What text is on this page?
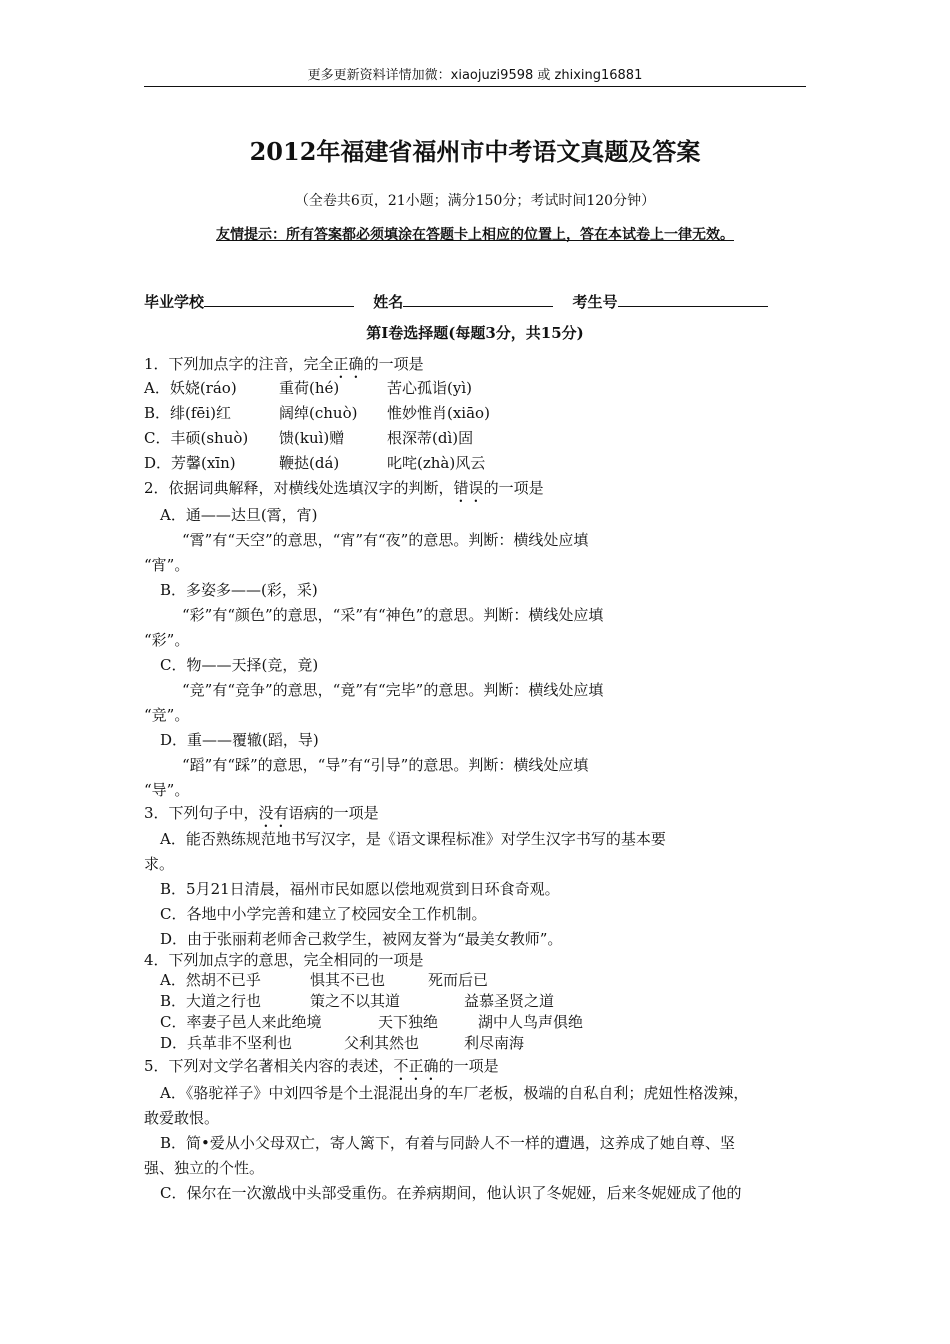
更多更新资料详情加微：xiaojuzi9598 或 zhixing16881
2012年福建省福州市中考语文真题及答案
（全卷共6页，21小题；满分150分；考试时间120分钟）
友情提示：所有答案都必须填涂在答题卡上相应的位置上，答在本试卷上一律无效。
毕业学校	姓名	考生号
第Ⅰ卷选择题(每题3分，共15分)
1．下列加点字的注音，完全正确的一项是
A．妖娆(ráo)	重荷(hé)	苦心孤诣(yì)
B．绯(fēi)红	阔绰(chuò) 惟妙惟肖(xiāo)
C．丰硕(shuò) 馈(kuì)赠	根深蒂(dì)固
D．芳馨(xīn)	鞭挞(dá)	叱咤(zhà)风云
2．依据词典解释，对横线处选填汉字的判断，错误的一项是
A．通——达旦(霄，宵)
“霄”有“天空”的意思，“宵”有“夜”的意思。判断：横线处应填
“宵”。
B．多姿多——(彩，采)
“彩”有“颜色”的意思，“采”有“神色”的意思。判断：横线处应填
“彩”。
C．物——天择(竞，竟)
“竞”有“竞争”的意思，“竟”有“完毕”的意思。判断：横线处应填
“竞”。
D．重——覆辙(蹈，导)
“蹈”有“踩”的意思，“导”有“引导”的意思。判断：横线处应填
“导”。
3．下列句子中，没有语病的一项是
A．能否熟练规范地书写汉字，是《语文课程标准》对学生汉字书写的基本要
求。
B．5月21日清晨，福州市民如愿以偿地观赏到日环食奇观。
C．各地中小学完善和建立了校园安全工作机制。
D．由于张丽莉老师舍己救学生，被网友誉为“最美女教师”。
4．下列加点字的意思，完全相同的一项是
A．然胡不已乎	惧其不已也	死而后已
B．大道之行也	策之不以其道	益慕圣贤之道
C．率妻子邑人来此绝境	天下独绝	湖中人鸟声俱绝
D．兵革非不坚利也	父利其然也	利尽南海
5．下列对文学名著相关内容的表述，不正确的一项是
A．《骆驼祥子》中刘四爷是个土混混出身的车厂老板，极端的自私自利；虎妞性格泼辣，
敢爱敢恨。
B．简•爱从小父母双亡，寄人篱下，有着与同龄人不一样的遭遇，这养成了她自尊、坚
强、独立的个性。
C．保尔在一次激战中头部受重伤。在养病期间，他认识了冬妮娅，后来冬妮娅成了他的
